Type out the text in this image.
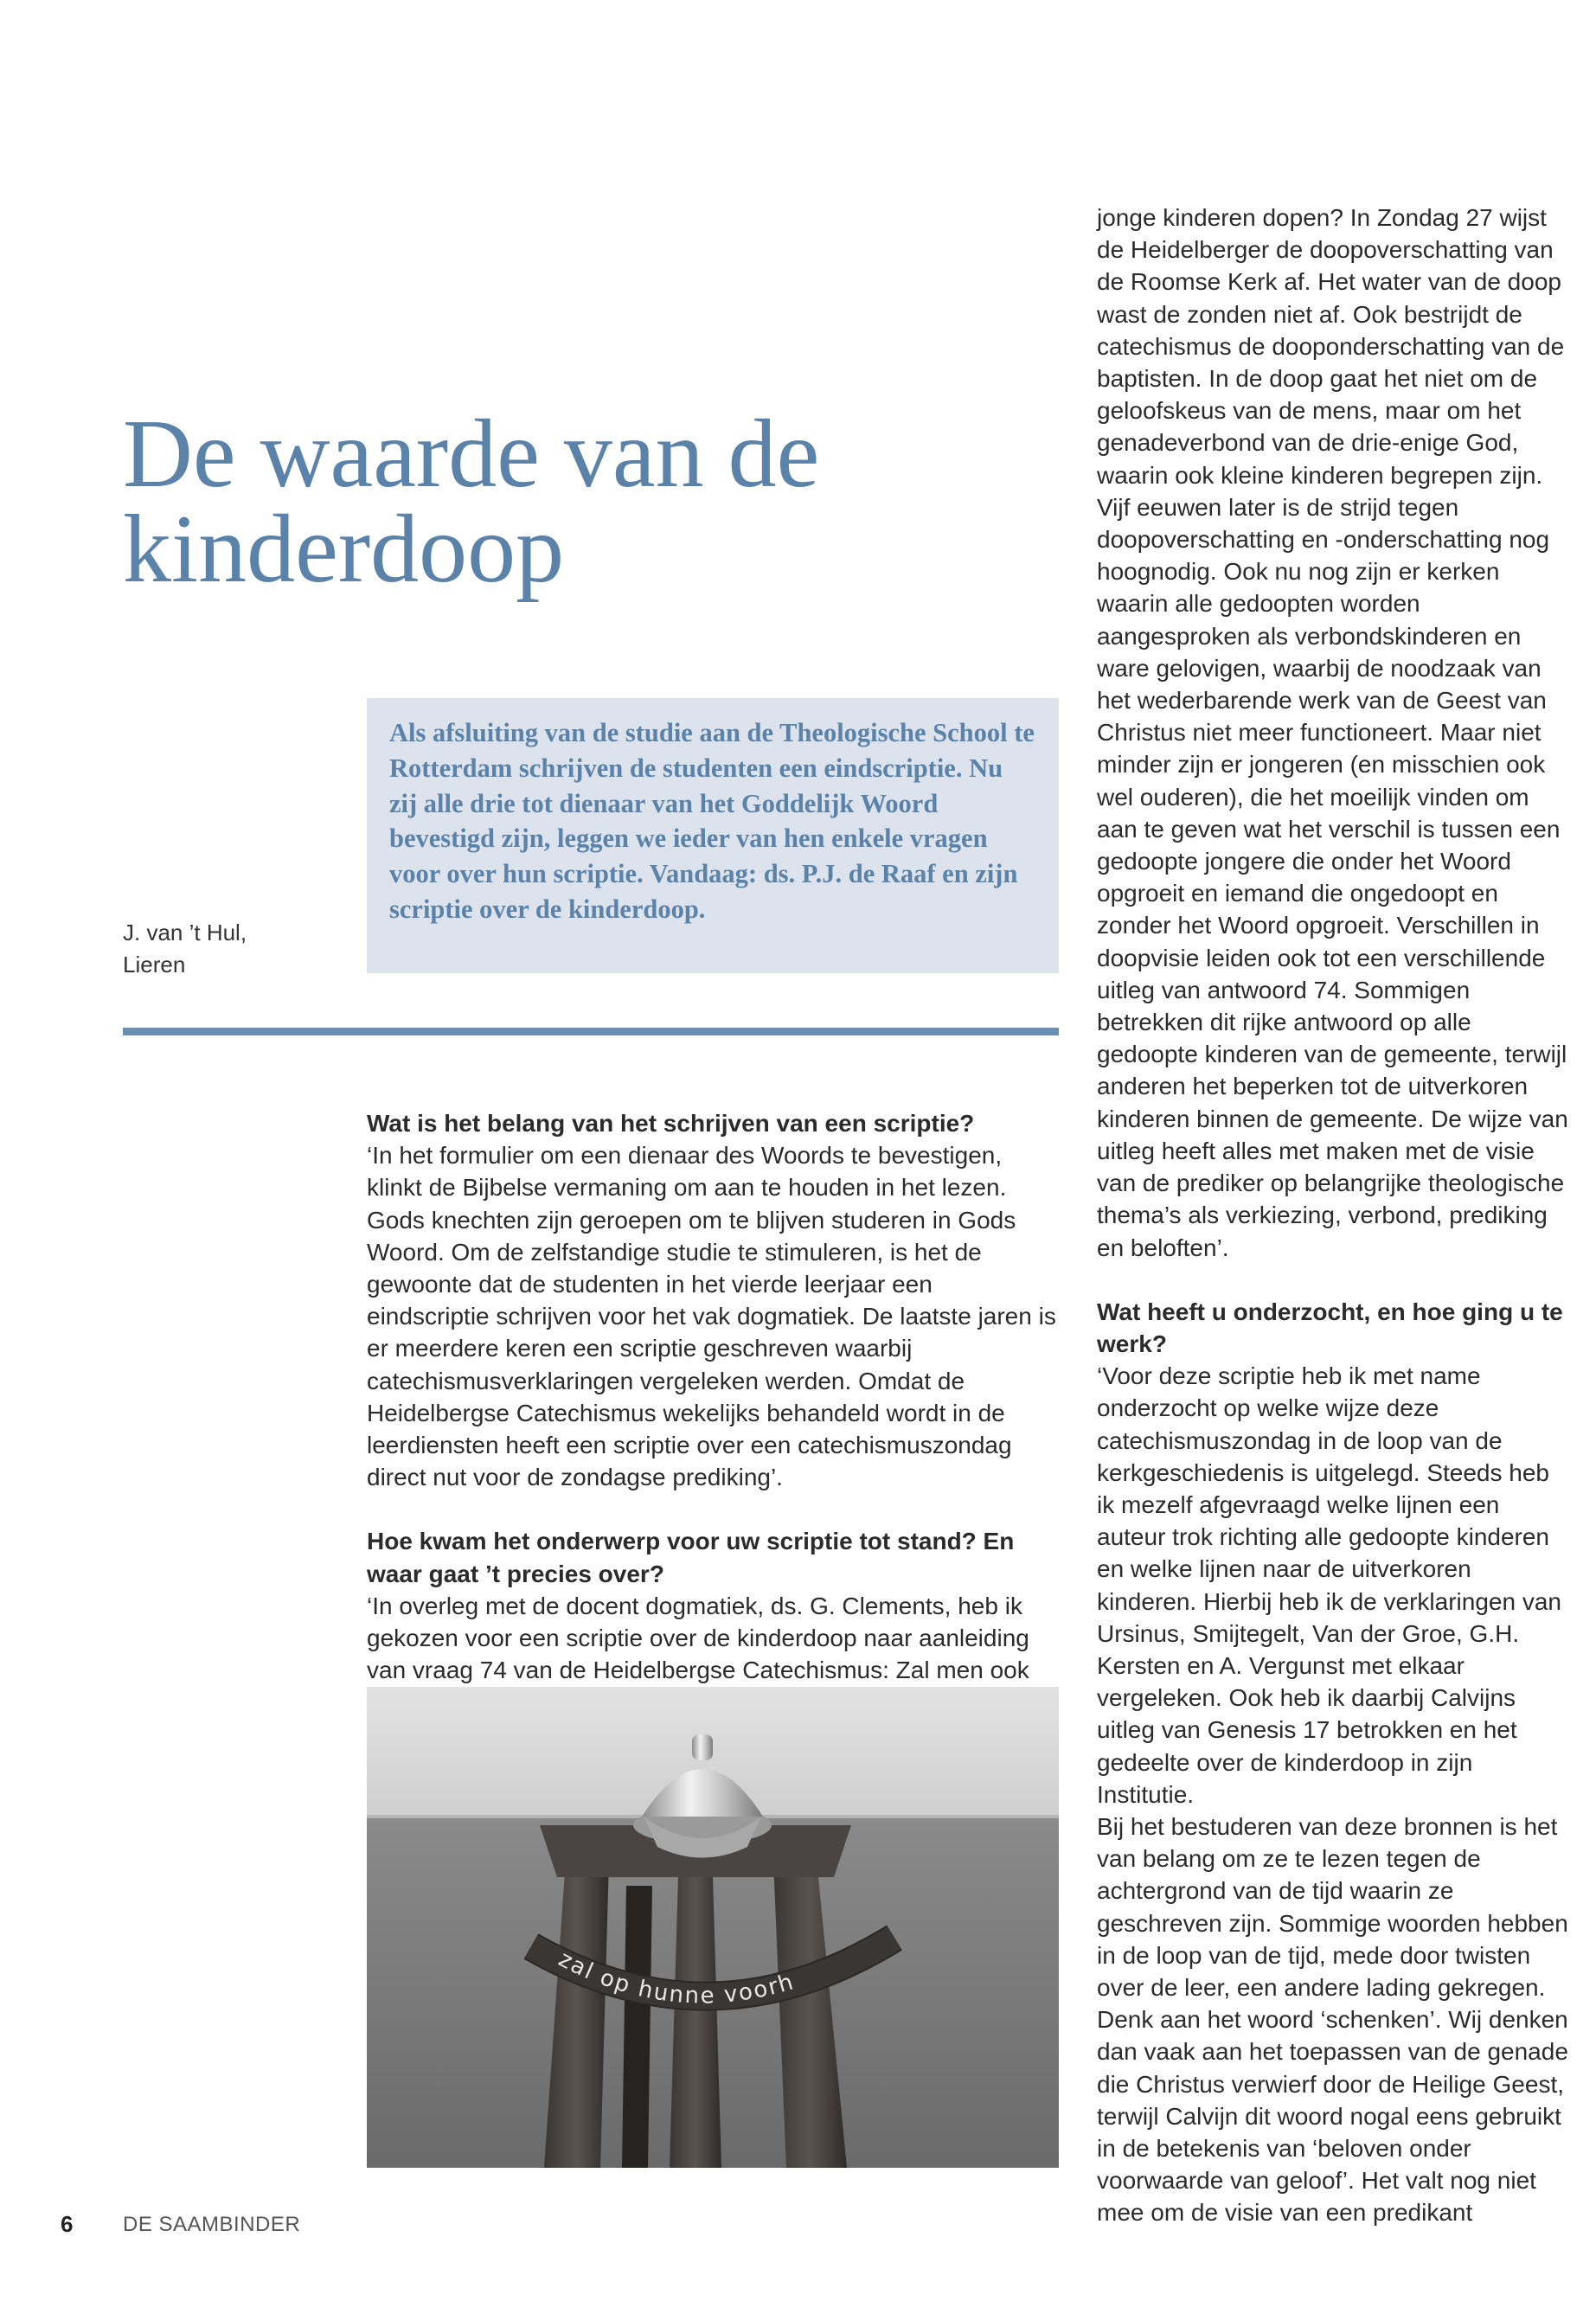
De waarde van de
kinderdoop
J. van ’t Hul,
Lieren
Als afsluiting van de studie aan de Theologische School te Rotterdam schrijven de studenten een eindscriptie. Nu zij alle drie tot dienaar van het Goddelijk Woord bevestigd zijn, leggen we ieder van hen enkele vragen voor over hun scriptie. Vandaag: ds. P.J. de Raaf en zijn scriptie over de kinderdoop.

Wat is het belang van het schrijven van een scriptie?

‘In het formulier om een dienaar des Woords te bevestigen, klinkt de Bijbelse vermaning om aan te houden in het lezen. Gods knechten zijn geroepen om te blijven studeren in Gods Woord. Om de zelfstandige studie te stimuleren, is het de gewoonte dat de studenten in het vierde leerjaar een eindscriptie schrijven voor het vak dogmatiek. De laatste jaren is er meerdere keren een scriptie geschreven waarbij catechismusverklaringen vergeleken werden. Omdat de Heidelbergse Catechismus wekelijks behandeld wordt in de leerdiensten heeft een scriptie over een catechismuszondag direct nut voor de zondagse prediking’.

Hoe kwam het onderwerp voor uw scriptie tot stand? En waar gaat ’t precies over?

‘In overleg met de docent dogmatiek, ds. G. Clements, heb ik gekozen voor een scriptie over de kinderdoop naar aanleiding van vraag 74 van de Heidelbergse Catechismus: Zal men ook

zal op hunne voorh

jonge kinderen dopen? In Zondag 27 wijst de Heidelberger de doopoverschatting van de Roomse Kerk af. Het water van de doop wast de zonden niet af. Ook bestrijdt de catechismus de dooponderschatting van de baptisten. In de doop gaat het niet om de geloofskeus van de mens, maar om het genadeverbond van de drie-enige God, waarin ook kleine kinderen begrepen zijn. Vijf eeuwen later is de strijd tegen doopoverschatting en -onderschatting nog hoognodig. Ook nu nog zijn er kerken waarin alle gedoopten worden aangesproken als verbondskinderen en ware gelovigen, waarbij de noodzaak van het wederbarende werk van de Geest van Christus niet meer functioneert. Maar niet minder zijn er jongeren (en misschien ook wel ouderen), die het moeilijk vinden om aan te geven wat het verschil is tussen een gedoopte jongere die onder het Woord opgroeit en iemand die ongedoopt en zonder het Woord opgroeit. Verschillen in doopvisie leiden ook tot een verschillende uitleg van antwoord 74. Sommigen betrekken dit rijke antwoord op alle gedoopte kinderen van de gemeente, terwijl anderen het beperken tot de uitverkoren kinderen binnen de gemeente. De wijze van uitleg heeft alles met maken met de visie van de prediker op belangrijke theologische thema’s als verkiezing, verbond, prediking en beloften’.

Wat heeft u onderzocht, en hoe ging u te werk?

‘Voor deze scriptie heb ik met name onderzocht op welke wijze deze catechismuszondag in de loop van de kerkgeschiedenis is uitgelegd. Steeds heb ik mezelf afgevraagd welke lijnen een auteur trok richting alle gedoopte kinderen en welke lijnen naar de uitverkoren kinderen. Hierbij heb ik de verklaringen van Ursinus, Smijtegelt, Van der Groe, G.H. Kersten en A. Vergunst met elkaar vergeleken. Ook heb ik daarbij Calvijns uitleg van Genesis 17 betrokken en het gedeelte over de kinderdoop in zijn Institutie.

Bij het bestuderen van deze bronnen is het van belang om ze te lezen tegen de achtergrond van de tijd waarin ze geschreven zijn. Sommige woorden hebben in de loop van de tijd, mede door twisten over de leer, een andere lading gekregen. Denk aan het woord ‘schenken’. Wij denken dan vaak aan het toepassen van de genade die Christus verwierf door de Heilige Geest, terwijl Calvijn dit woord nogal eens gebruikt in de betekenis van ‘beloven onder voorwaarde van geloof’. Het valt nog niet mee om de visie van een predikant

6 DE SAAMBINDER
